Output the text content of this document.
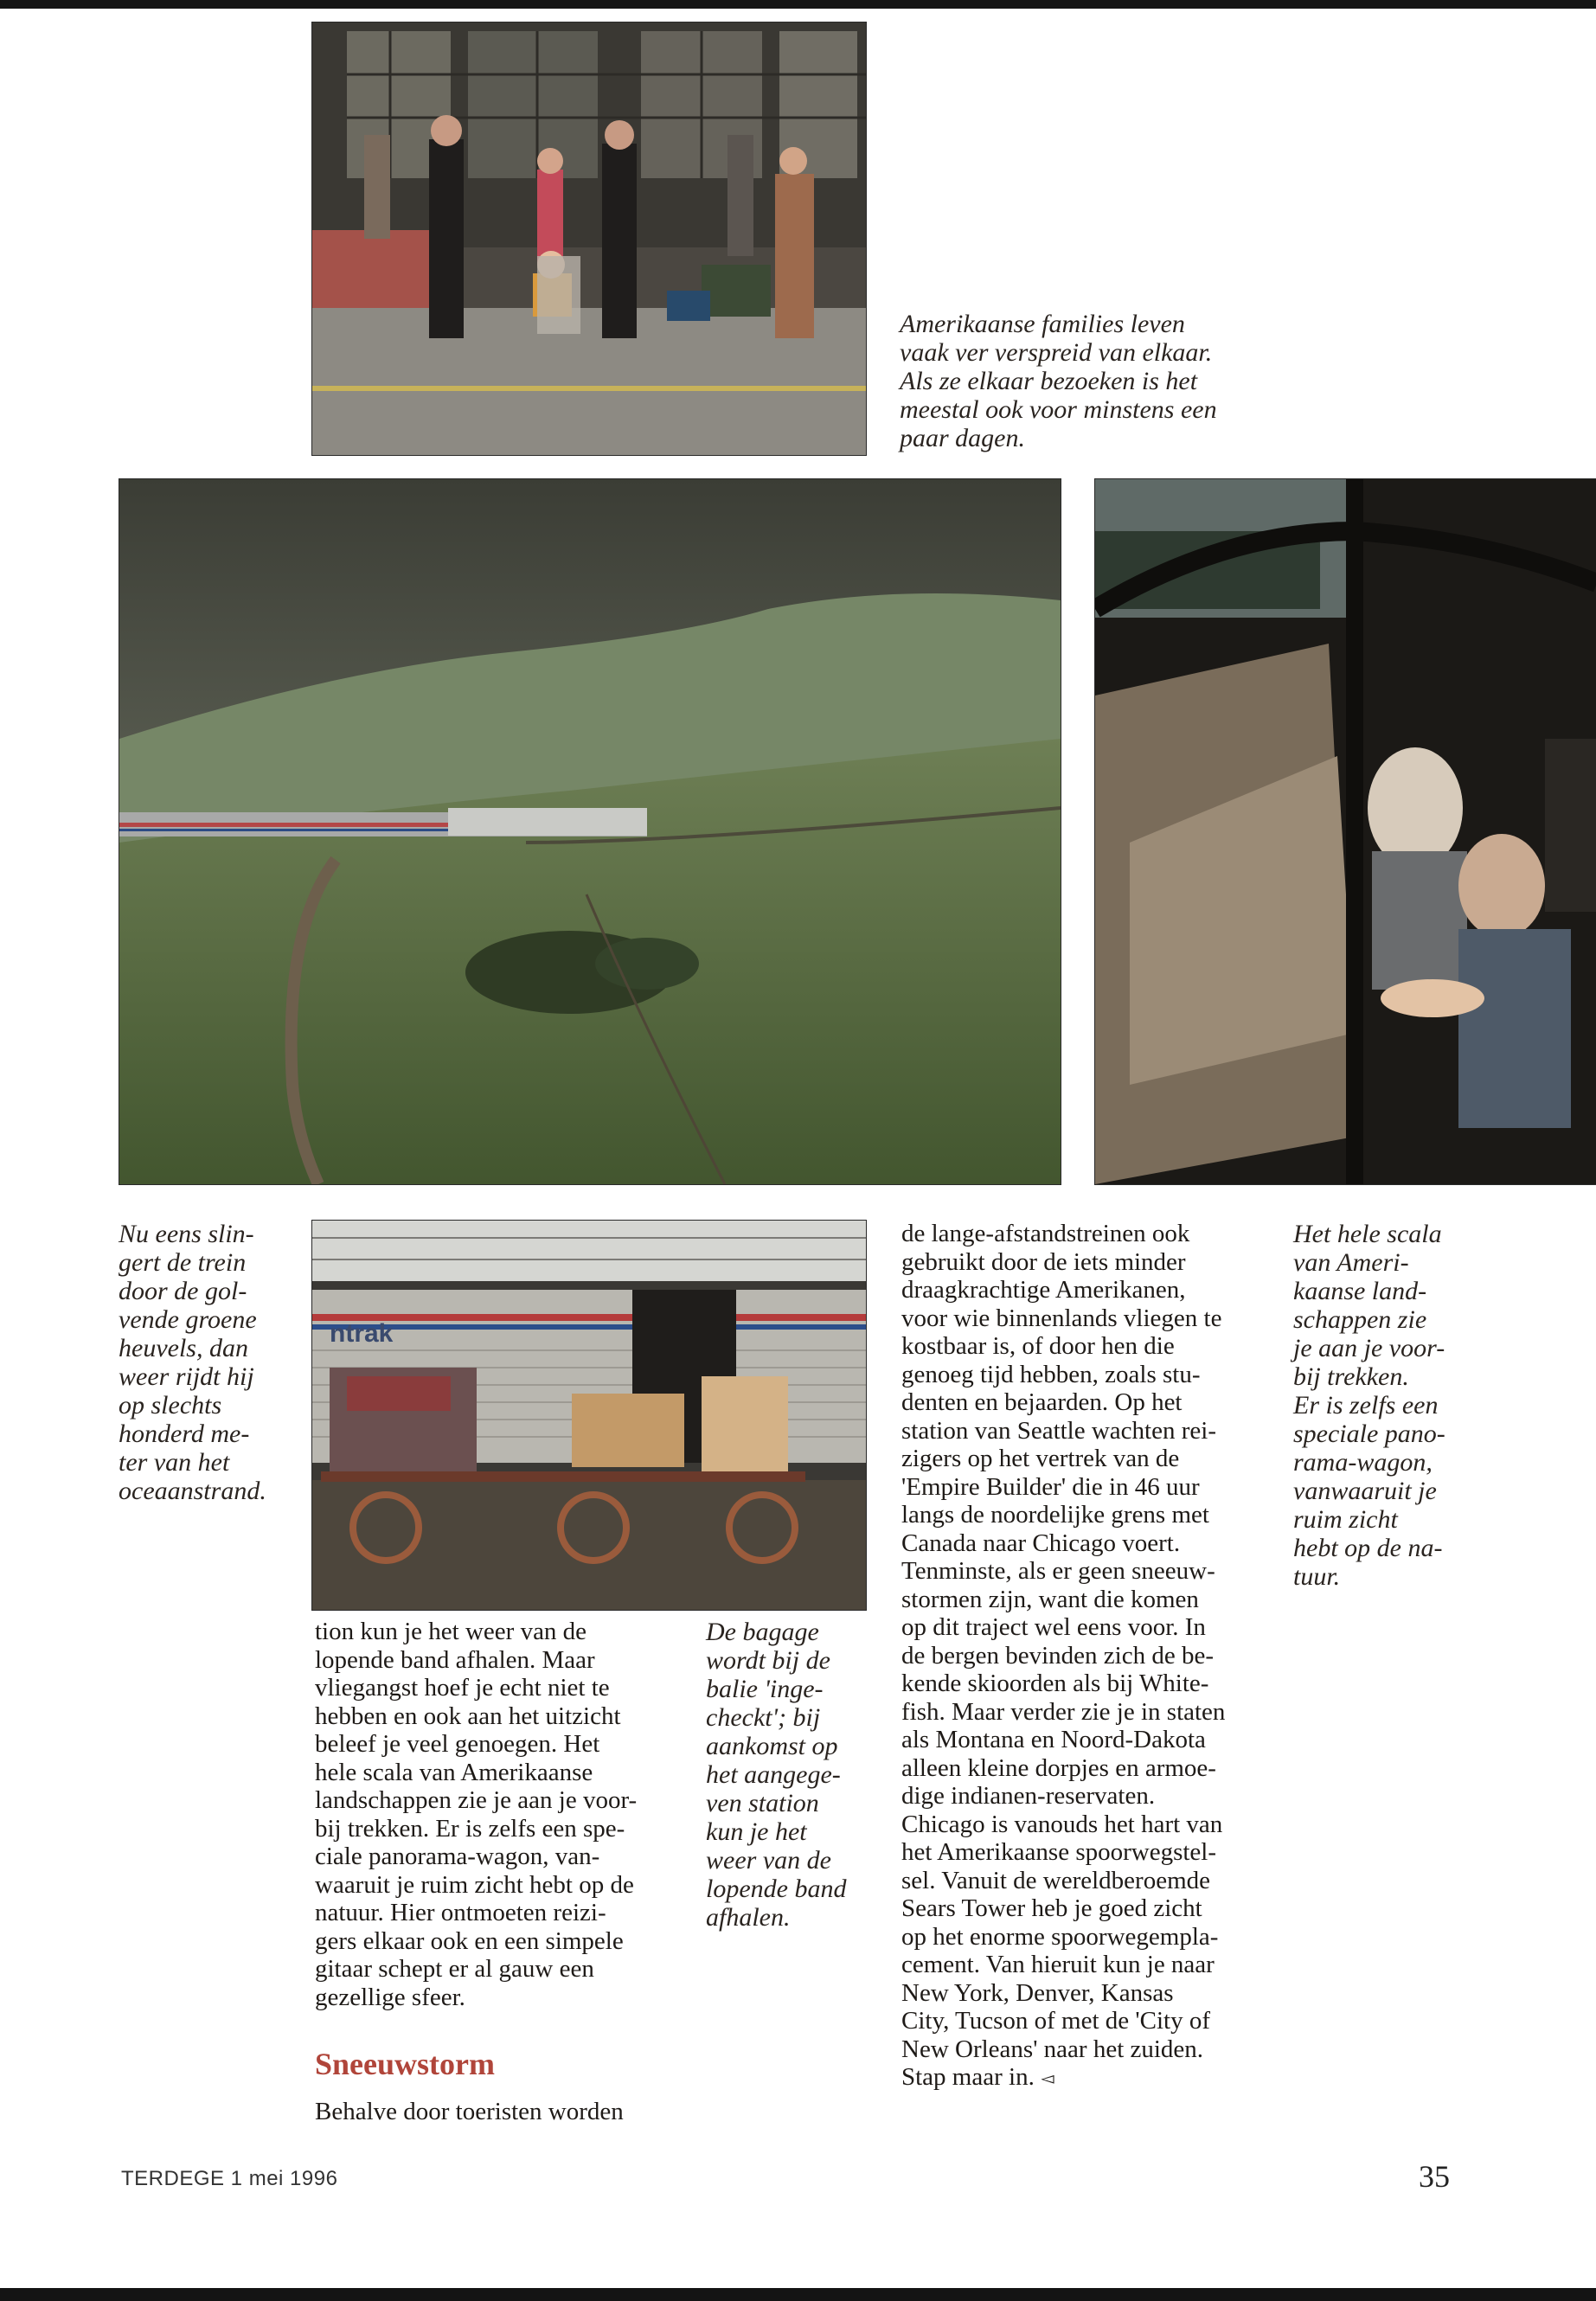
Amerikaanse families leven
vaak ver verspreid van elkaar.
Als ze elkaar bezoeken is het
meestal ook voor minstens een
paar dagen.
Nu eens slin-
gert de trein
door de gol-
vende groene
heuvels, dan
weer rijdt hij
op slechts
honderd me-
ter van het
oceaanstrand.
ntrak
tion kun je het weer van de
lopende band afhalen. Maar
vliegangst hoef je echt niet te
hebben en ook aan het uitzicht
beleef je veel genoegen. Het
hele scala van Amerikaanse
landschappen zie je aan je voor-
bij trekken. Er is zelfs een spe-
ciale panorama-wagon, van-
waaruit je ruim zicht hebt op de
natuur. Hier ontmoeten reizi-
gers elkaar ook en een simpele
gitaar schept er al gauw een
gezellige sfeer.
Sneeuwstorm
Behalve door toeristen worden
De bagage
wordt bij de
balie 'inge-
checkt'; bij
aankomst op
het aangege-
ven station
kun je het
weer van de
lopende band
afhalen.
de lange-afstandstreinen ook
gebruikt door de iets minder
draagkrachtige Amerikanen,
voor wie binnenlands vliegen te
kostbaar is, of door hen die
genoeg tijd hebben, zoals stu-
denten en bejaarden. Op het
station van Seattle wachten rei-
zigers op het vertrek van de
'Empire Builder' die in 46 uur
langs de noordelijke grens met
Canada naar Chicago voert.
Tenminste, als er geen sneeuw-
stormen zijn, want die komen
op dit traject wel eens voor. In
de bergen bevinden zich de be-
kende skioorden als bij White-
fish. Maar verder zie je in staten
als Montana en Noord-Dakota
alleen kleine dorpjes en armoe-
dige indianen-reservaten.
Chicago is vanouds het hart van
het Amerikaanse spoorwegstel-
sel. Vanuit de wereldberoemde
Sears Tower heb je goed zicht
op het enorme spoorwegempla-
cement. Van hieruit kun je naar
New York, Denver, Kansas
City, Tucson of met de 'City of
New Orleans' naar het zuiden.
Stap maar in. ◅
Het hele scala
van Ameri-
kaanse land-
schappen zie
je aan je voor-
bij trekken.
Er is zelfs een
speciale pano-
rama-wagon,
vanwaaruit je
ruim zicht
hebt op de na-
tuur.
TERDEGE 1 mei 1996	35
